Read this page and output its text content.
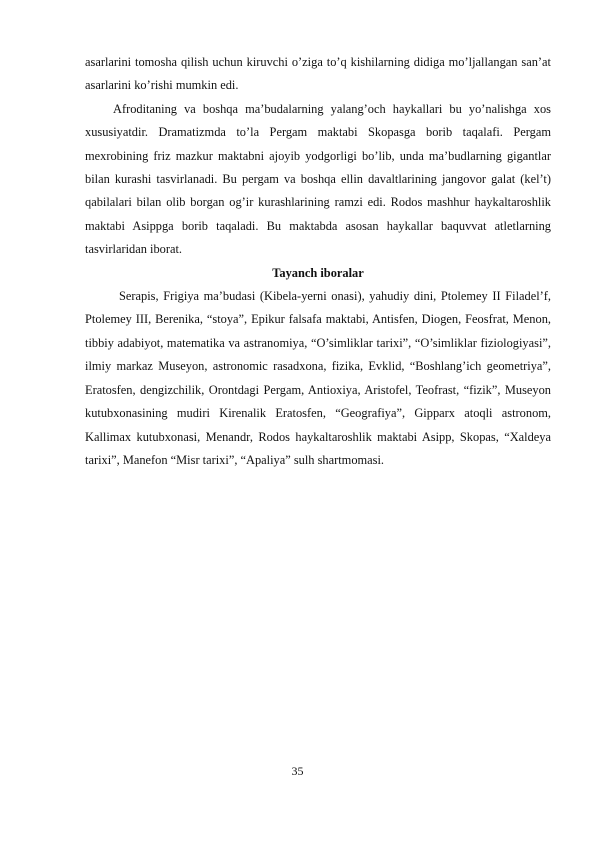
asarlarini tomosha qilish uchun kiruvchi o’ziga to’q kishilarning didiga mo’ljallangan san’at asarlarini ko’rishi mumkin edi.

Afroditaning va boshqa ma’budalarning yalang’och haykallari bu yo’nalishga xos xususiyatdir. Dramatizmda to’la Pergam maktabi Skopasga borib taqalafi. Pergam mexrobining friz mazkur maktabni ajoyib yodgorligi bo’lib, unda ma’budlarning gigantlar bilan kurashi tasvirlanadi. Bu pergam va boshqa ellin davaltlarining jangovor galat (kel’t) qabilalari bilan olib borgan og’ir kurashlarining ramzi edi. Rodos mashhur haykaltaroshlik maktabi Asippga borib taqaladi. Bu maktabda asosan haykallar baquvvat atletlarning tasvirlaridan iborat.

Tayanch iboralar

Serapis, Frigiya ma’budasi (Kibela-yerni onasi), yahudiy dini, Ptolemey II Filadel’f, Ptolemey III, Berenika, “stoya”, Epikur falsafa maktabi, Antisfen, Diogen, Feosfrat, Menon, tibbiy adabiyot, matematika va astranomiya, “O’simliklar tarixi”, “O’simliklar fiziologiyasi”, ilmiy markaz Museyon, astronomic rasadxona, fizika, Evklid, “Boshlang’ich geometriya”, Eratosfen, dengizchilik, Orontdagi Pergam, Antioxiya, Aristofel, Teofrast, “fizik”, Museyon kutubxonasining mudiri Kirenalik Eratosfen, “Geografiya”, Gipparx atoqli astronom, Kallimax kutubxonasi, Menandr, Rodos haykaltaroshlik maktabi Asipp, Skopas, “Xaldeya tarixi”, Manefon “Misr tarixi”, “Apaliya” sulh shartmomasi.

35
